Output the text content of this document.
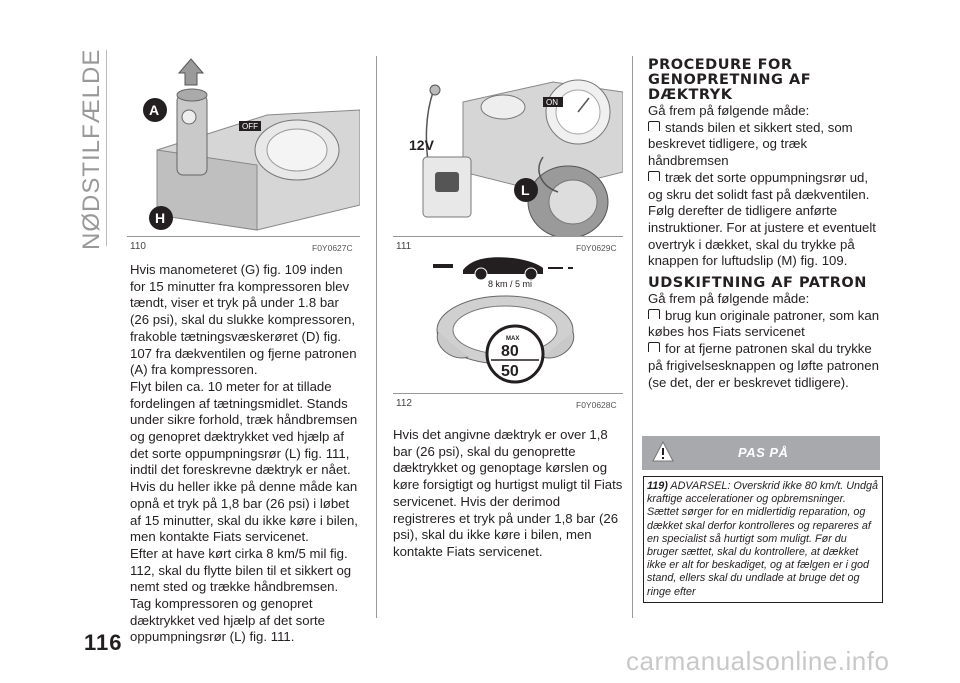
NØDSTILFÆLDE	OFF
A
H
110	F0Y0627C

Hvis manometeret (G) fig. 109 inden for 15 minutter fra kompressoren blev tændt, viser et tryk på under 1.8 bar (26 psi), skal du slukke kompressoren, frakoble tætningsvæskerøret (D) fig. 107 fra dækventilen og fjerne patronen (A) fra kompressoren.

Flyt bilen ca. 10 meter for at tillade fordelingen af tætningsmidlet. Stands under sikre forhold, træk håndbremsen og genopret dæktrykket ved hjælp af det sorte oppumpningsrør (L) fig. 111, indtil det foreskrevne dæktryk er nået.

Hvis du heller ikke på denne måde kan opnå et tryk på 1,8 bar (26 psi) i løbet af 15 minutter, skal du ikke køre i bilen, men kontakte Fiats servicenet.

Efter at have kørt cirka 8 km/5 mil fig. 112, skal du flytte bilen til et sikkert og nemt sted og trække håndbremsen. Tag kompressoren og genopret dæktrykket ved hjælp af det sorte oppumpningsrør (L) fig. 111.

ON
12V
L
111	F0Y0629C
8 km / 5 mi
MAX
80
50
112	F0Y0628C

Hvis det angivne dæktryk er over 1,8 bar (26 psi), skal du genoprette dæktrykket og genoptage kørslen og køre forsigtigt og hurtigst muligt til Fiats servicenet. Hvis der derimod registreres et tryk på under 1,8 bar (26 psi), skal du ikke køre i bilen, men kontakte Fiats servicenet.

PROCEDURE FOR GENOPRETNING AF DÆKTRYK

Gå frem på følgende måde:

stands bilen et sikkert sted, som beskrevet tidligere, og træk håndbremsen

træk det sorte oppumpningsrør ud, og skru det solidt fast på dækventilen.

Følg derefter de tidligere anførte instruktioner. For at justere et eventuelt overtryk i dækket, skal du trykke på knappen for luftudslip (M) fig. 109.

UDSKIFTNING AF PATRON

Gå frem på følgende måde:

brug kun originale patroner, som kan købes hos Fiats servicenet

for at fjerne patronen skal du trykke på frigivelsesknappen og løfte patronen (se det, der er beskrevet tidligere).

PAS PÅ
119) ADVARSEL: Overskrid ikke 80 km/t. Undgå kraftige accelerationer og opbremsninger. Sættet sørger for en midlertidig reparation, og dækket skal derfor kontrolleres og repareres af en specialist så hurtigt som muligt. Før du bruger sættet, skal du kontrollere, at dækket ikke er alt for beskadiget, og at fælgen er i god stand, ellers skal du undlade at bruge det og ringe efter
116
carmanualsonline.info
